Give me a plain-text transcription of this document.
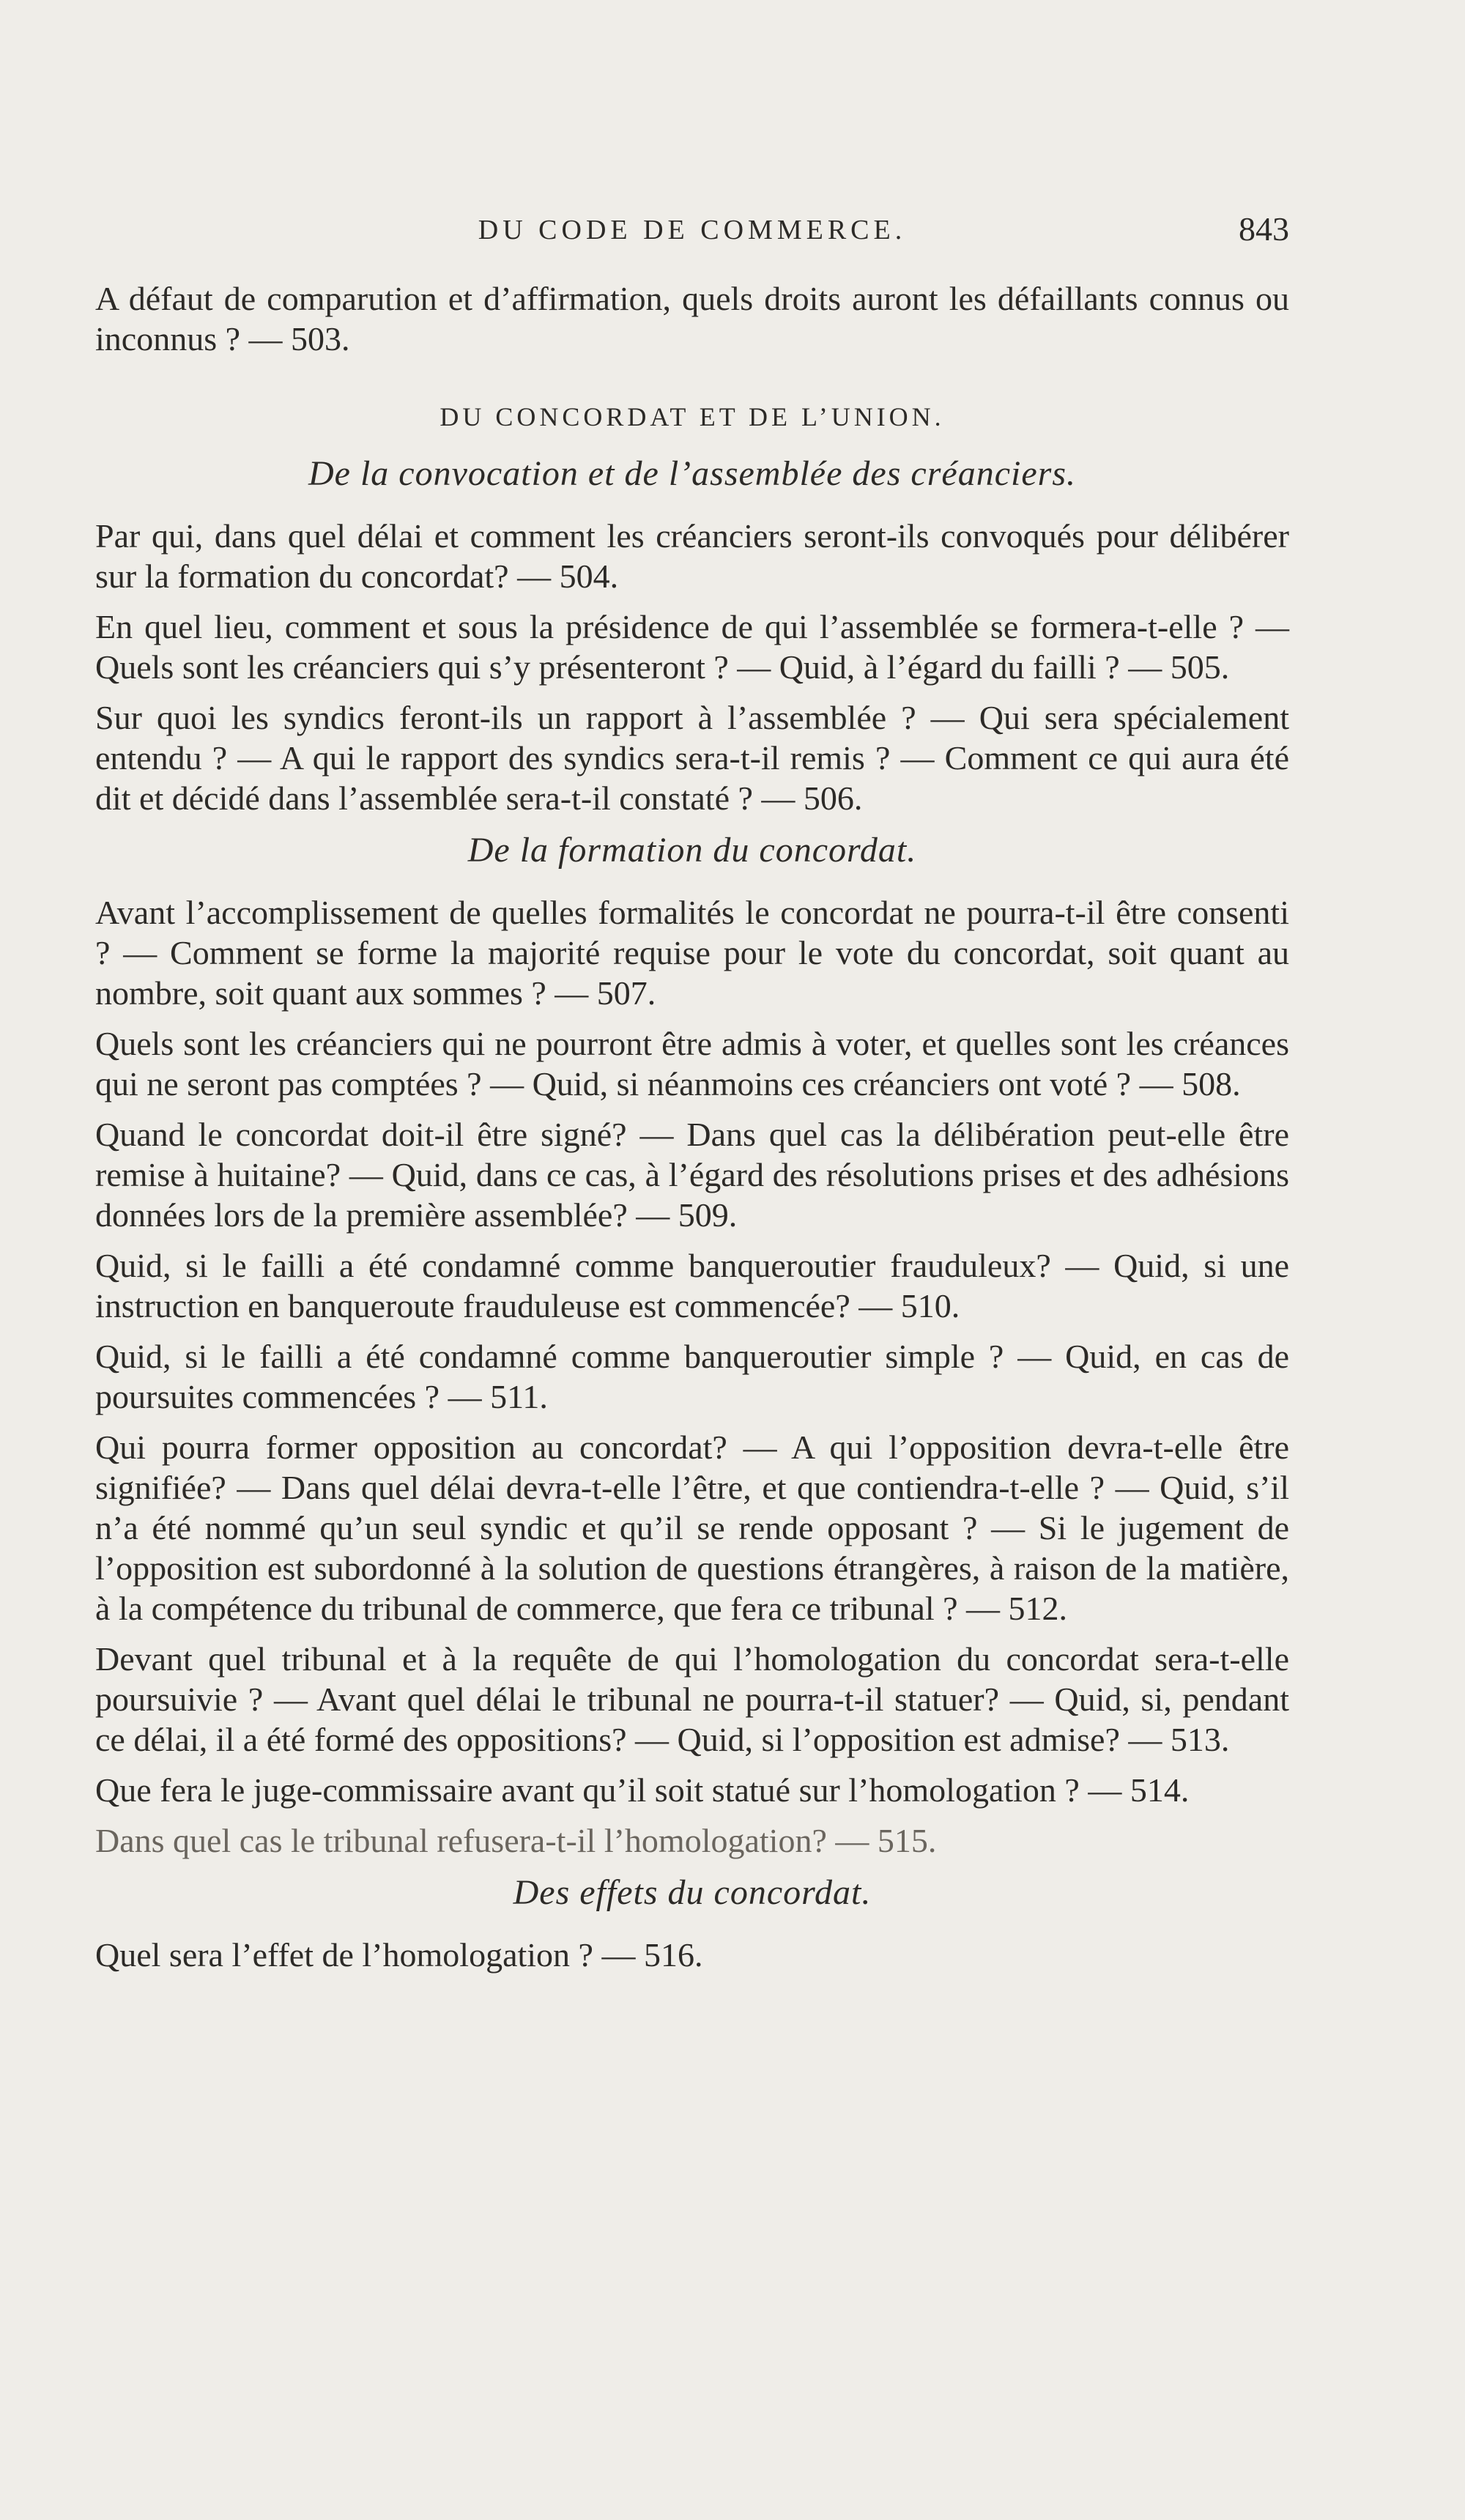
DU CODE DE COMMERCE.	843

A défaut de comparution et d’affirmation, quels droits auront les défaillants connus ou inconnus ? — 503.

DU CONCORDAT ET DE L’UNION.
De la convocation et de l’assemblée des créanciers.

Par qui, dans quel délai et comment les créanciers seront-ils convoqués pour délibérer sur la formation du concordat? — 504.

En quel lieu, comment et sous la présidence de qui l’assemblée se formera-t-elle ? — Quels sont les créanciers qui s’y présenteront ? — Quid, à l’égard du failli ? — 505.

Sur quoi les syndics feront-ils un rapport à l’assemblée ? — Qui sera spécialement entendu ? — A qui le rapport des syndics sera-t-il remis ? — Comment ce qui aura été dit et décidé dans l’assemblée sera-t-il constaté ? — 506.

De la formation du concordat.

Avant l’accomplissement de quelles formalités le concordat ne pourra-t-il être consenti ? — Comment se forme la majorité requise pour le vote du concordat, soit quant au nombre, soit quant aux sommes ? — 507.

Quels sont les créanciers qui ne pourront être admis à voter, et quelles sont les créances qui ne seront pas comptées ? — Quid, si néanmoins ces créanciers ont voté ? — 508.

Quand le concordat doit-il être signé? — Dans quel cas la délibération peut-elle être remise à huitaine? — Quid, dans ce cas, à l’égard des résolutions prises et des adhésions données lors de la première assemblée? — 509.

Quid, si le failli a été condamné comme banqueroutier frauduleux? — Quid, si une instruction en banqueroute frauduleuse est commencée? — 510.

Quid, si le failli a été condamné comme banqueroutier simple ? — Quid, en cas de poursuites commencées ? — 511.

Qui pourra former opposition au concordat? — A qui l’opposition devra-t-elle être signifiée? — Dans quel délai devra-t-elle l’être, et que contiendra-t-elle ? — Quid, s’il n’a été nommé qu’un seul syndic et qu’il se rende opposant ? — Si le jugement de l’opposition est subordonné à la solution de questions étrangères, à raison de la matière, à la compétence du tribunal de commerce, que fera ce tribunal ? — 512.

Devant quel tribunal et à la requête de qui l’homologation du concordat sera-t-elle poursuivie ? — Avant quel délai le tribunal ne pourra-t-il statuer? — Quid, si, pendant ce délai, il a été formé des oppositions? — Quid, si l’opposition est admise? — 513.

Que fera le juge-commissaire avant qu’il soit statué sur l’homologation ? — 514.

Dans quel cas le tribunal refusera-t-il l’homologation? — 515.

Des effets du concordat.

Quel sera l’effet de l’homologation ? — 516.
